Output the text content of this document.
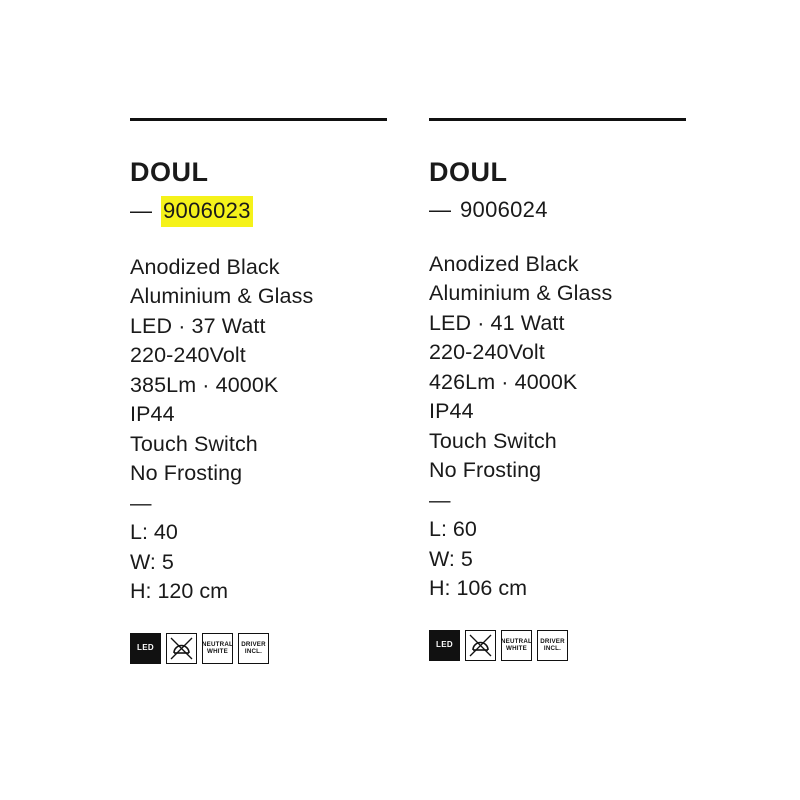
DOUL
— 9006023
Anodized Black
Aluminium & Glass
LED · 37 Watt
220-240Volt
385Lm · 4000K
IP44
Touch Switch
No Frosting
—
L: 40
W: 5
H: 120 cm
LED	NEUTRAL
WHITE
DRIVER
INCL.
DOUL
— 9006024
Anodized Black
Aluminium & Glass
LED · 41 Watt
220-240Volt
426Lm · 4000K
IP44
Touch Switch
No Frosting
—
L: 60
W: 5
H: 106 cm
LED	NEUTRAL
WHITE
DRIVER
INCL.
